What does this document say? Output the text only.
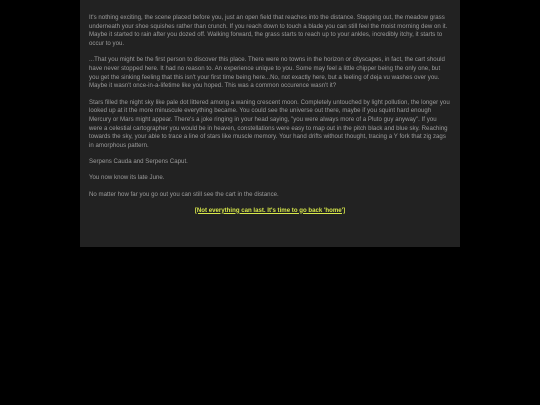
It's nothing exciting, the scene placed before you, just an open field that reaches into the distance. Stepping out, the meadow grass underneath your shoe squishes rather than crunch. If you reach down to touch a blade you can still feel the moist morning dew on it. Maybe it started to rain after you dozed off. Walking forward, the grass starts to reach up to your ankles, incredibly itchy, it starts to occur to you.

...That you might be the first person to discover this place. There were no towns in the horizon or cityscapes, in fact, the cart should have never stopped here. It had no reason to. An experience unique to you. Some may feel a little chipper being the only one, but you get the sinking feeling that this isn't your first time being here...No, not exactly here, but a feeling of deja vu washes over you. Maybe it wasn't once-in-a-lifetime like you hoped. This was a common occurence wasn't it?

Stars filled the night sky like pale dot littered among a waning crescent moon. Completely untouched by light pollution, the longer you looked up at it the more minuscule everything became. You could see the universe out there, maybe if you squint hard enough Mercury or Mars might appear. There's a joke ringing in your head saying, "you were always more of a Pluto guy anyway". If you were a celestial cartographer you would be in heaven, constellations were easy to map out in the pitch black and blue sky. Reaching towards the sky, your able to trace a line of stars like muscle memory. Your hand drifts without thought, tracing a Y fork that zig zags in amorphous pattern.

Serpens Cauda and Serpens Caput.

You now know its late June.

No matter how far you go out you can still see the cart in the distance.

[Not everything can last. It's time to go back 'home']
